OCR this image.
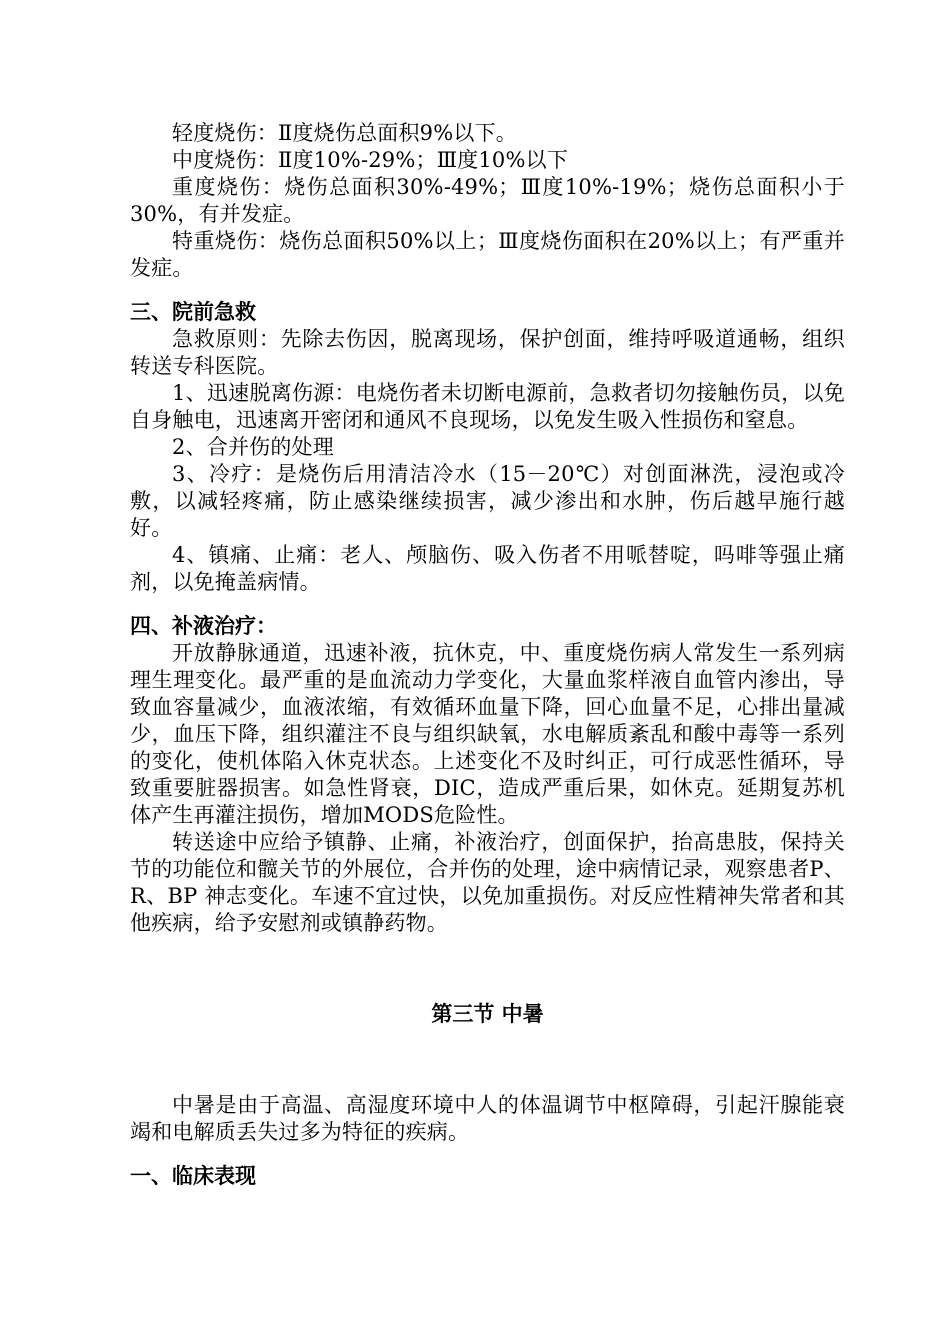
轻度烧伤：Ⅱ度烧伤总面积9%以下。

中度烧伤：Ⅱ度10%-29%；Ⅲ度10%以下

重度烧伤：烧伤总面积30%-49%；Ⅲ度10%-19%；烧伤总面积小于30%，有并发症。

特重烧伤：烧伤总面积50%以上；Ⅲ度烧伤面积在20%以上；有严重并发症。

三、院前急救

急救原则：先除去伤因，脱离现场，保护创面，维持呼吸道通畅，组织转送专科医院。

1、迅速脱离伤源：电烧伤者未切断电源前，急救者切勿接触伤员，以免自身触电，迅速离开密闭和通风不良现场，以免发生吸入性损伤和窒息。

2、合并伤的处理

3、冷疗：是烧伤后用清洁冷水（15－20℃）对创面淋洗，浸泡或冷敷，以减轻疼痛，防止感染继续损害，减少渗出和水肿，伤后越早施行越好。

4、镇痛、止痛：老人、颅脑伤、吸入伤者不用哌替啶，吗啡等强止痛剂，以免掩盖病情。

四、补液治疗：

开放静脉通道，迅速补液，抗休克，中、重度烧伤病人常发生一系列病理生理变化。最严重的是血流动力学变化，大量血浆样液自血管内渗出，导致血容量减少，血液浓缩，有效循环血量下降，回心血量不足，心排出量减少，血压下降，组织灌注不良与组织缺氧，水电解质紊乱和酸中毒等一系列的变化，使机体陷入休克状态。上述变化不及时纠正，可行成恶性循环，导致重要脏器损害。如急性肾衰，DIC，造成严重后果，如休克。延期复苏机体产生再灌注损伤，增加MODS危险性。

转送途中应给予镇静、止痛，补液治疗，创面保护，抬高患肢，保持关节的功能位和髋关节的外展位，合并伤的处理，途中病情记录，观察患者P、R、BP 神志变化。车速不宜过快，以免加重损伤。对反应性精神失常者和其他疾病，给予安慰剂或镇静药物。

第三节 中暑

中暑是由于高温、高湿度环境中人的体温调节中枢障碍，引起汗腺能衰竭和电解质丢失过多为特征的疾病。

一、临床表现
